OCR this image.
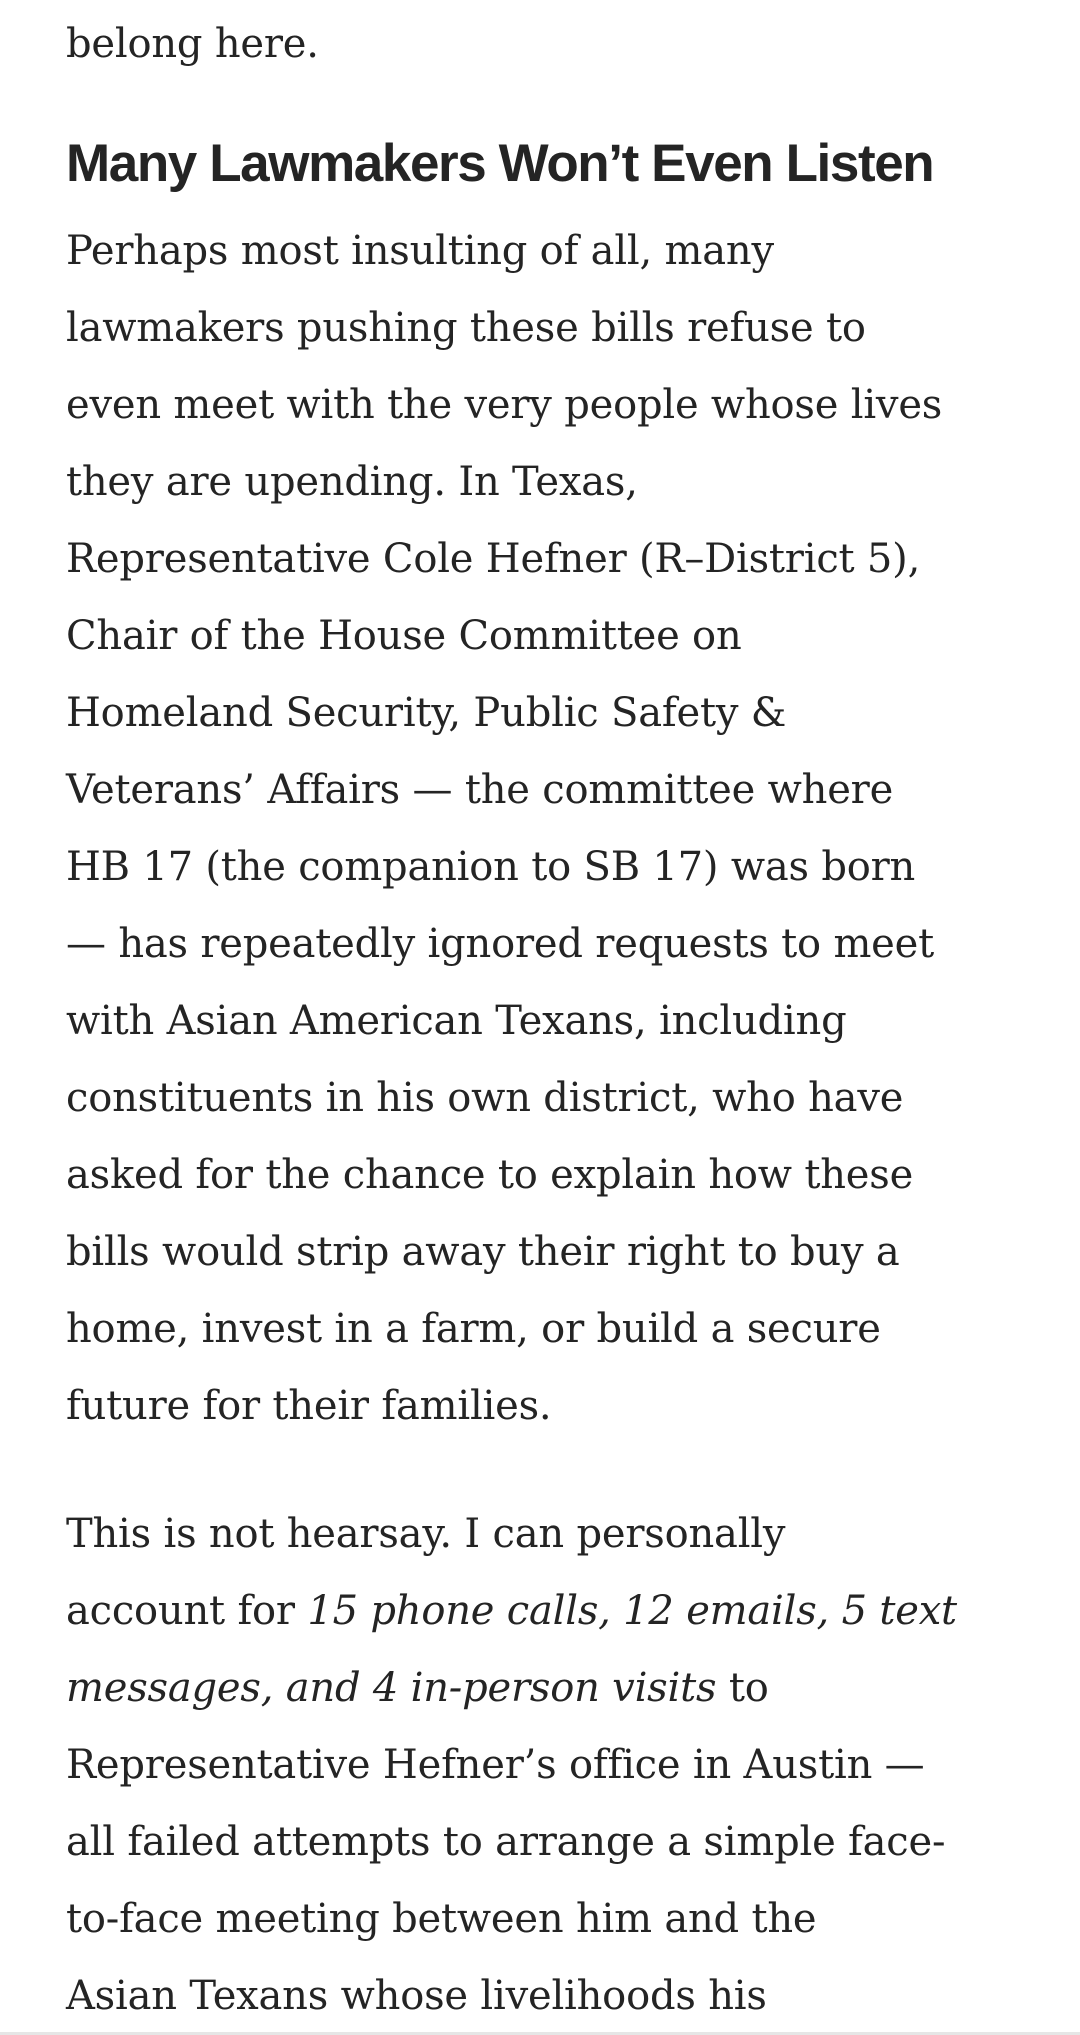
belong here.

Many Lawmakers Won’t Even Listen

Perhaps most insulting of all, many
lawmakers pushing these bills refuse to
even meet with the very people whose lives
they are upending. In Texas,
Representative Cole Hefner (R–District 5),
Chair of the House Committee on
Homeland Security, Public Safety &
Veterans’ Affairs — the committee where
HB 17 (the companion to SB 17) was born
— has repeatedly ignored requests to meet
with Asian American Texans, including
constituents in his own district, who have
asked for the chance to explain how these
bills would strip away their right to buy a
home, invest in a farm, or build a secure
future for their families.

This is not hearsay. I can personally
account for 15 phone calls, 12 emails, 5 text
messages, and 4 in-person visits to
Representative Hefner’s office in Austin —
all failed attempts to arrange a simple face-
to-face meeting between him and the
Asian Texans whose livelihoods his
